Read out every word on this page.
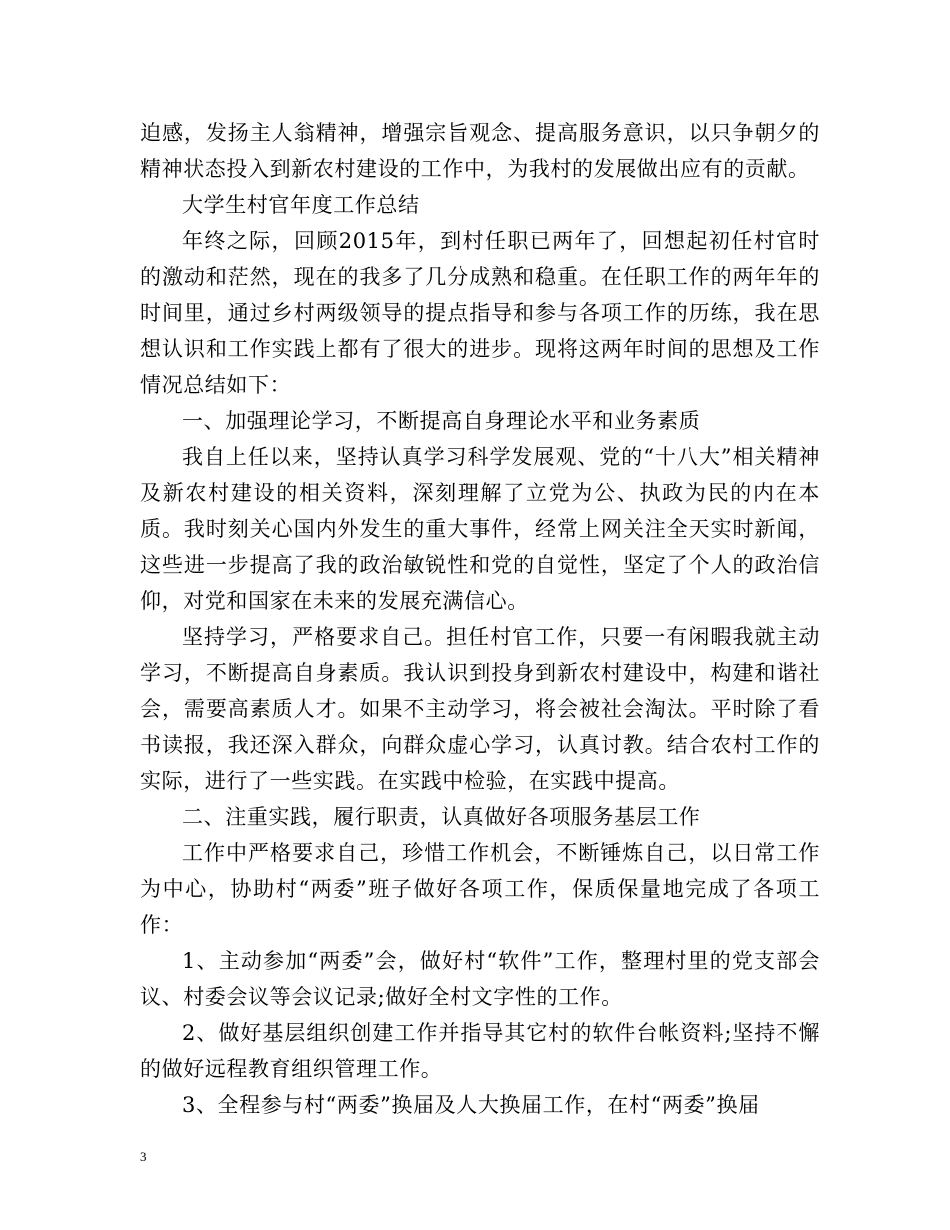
迫感，发扬主人翁精神，增强宗旨观念、提高服务意识，以只争朝夕的精神状态投入到新农村建设的工作中，为我村的发展做出应有的贡献。

大学生村官年度工作总结

年终之际，回顾2015年，到村任职已两年了，回想起初任村官时的激动和茫然，现在的我多了几分成熟和稳重。在任职工作的两年年的时间里，通过乡村两级领导的提点指导和参与各项工作的历练，我在思想认识和工作实践上都有了很大的进步。现将这两年时间的思想及工作情况总结如下：

一、加强理论学习，不断提高自身理论水平和业务素质

我自上任以来，坚持认真学习科学发展观、党的“十八大”相关精神及新农村建设的相关资料，深刻理解了立党为公、执政为民的内在本质。我时刻关心国内外发生的重大事件，经常上网关注全天实时新闻，这些进一步提高了我的政治敏锐性和党的自觉性，坚定了个人的政治信仰，对党和国家在未来的发展充满信心。

坚持学习，严格要求自己。担任村官工作，只要一有闲暇我就主动学习，不断提高自身素质。我认识到投身到新农村建设中，构建和谐社会，需要高素质人才。如果不主动学习，将会被社会淘汰。平时除了看书读报，我还深入群众，向群众虚心学习，认真讨教。结合农村工作的实际，进行了一些实践。在实践中检验，在实践中提高。

二、注重实践，履行职责，认真做好各项服务基层工作

工作中严格要求自己，珍惜工作机会，不断锤炼自己，以日常工作为中心，协助村“两委”班子做好各项工作，保质保量地完成了各项工作：

1、主动参加“两委”会，做好村“软件”工作，整理村里的党支部会议、村委会议等会议记录;做好全村文字性的工作。

2、做好基层组织创建工作并指导其它村的软件台帐资料;坚持不懈的做好远程教育组织管理工作。

3、全程参与村“两委”换届及人大换届工作，在村“两委”换届

3
